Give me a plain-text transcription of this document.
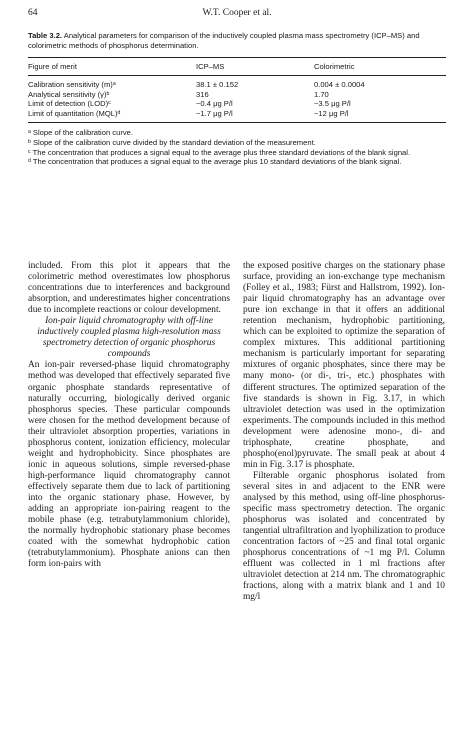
64	W.T. Cooper et al.

Table 3.2. Analytical parameters for comparison of the inductively coupled plasma mass spectrometry (ICP–MS) and colorimetric methods of phosphorus determination.

Figure of merit	ICP–MS	Colorimetric
Calibration sensitivity (m)ᵃ	38.1 ± 0.152	0.004 ± 0.0004
Analytical sensitivity (γ)ᵇ	316	1.70
Limit of detection (LOD)ᶜ	~0.4 μg P/l	~3.5 μg P/l
Limit of quantitation (MQL)ᵈ	~1.7 μg P/l	~12 μg P/l
ᵃ Slope of the calibration curve.
ᵇ Slope of the calibration curve divided by the standard deviation of the measurement.
ᶜ The concentration that produces a signal equal to the average plus three standard deviations of the blank signal.
ᵈ The concentration that produces a signal equal to the average plus 10 standard deviations of the blank signal.

included. From this plot it appears that the colorimetric method overestimates low phosphorus concentrations due to interferences and background absorption, and underestimates higher concentrations due to incomplete reactions or colour development.

Ion-pair liquid chromatography with off-line inductively coupled plasma high-resolution mass spectrometry detection of organic phosphorus compounds

An ion-pair reversed-phase liquid chromatography method was developed that effectively separated five organic phosphate standards representative of naturally occurring, biologically derived organic phosphorus species. These particular compounds were chosen for the method development because of their ultraviolet absorption properties, variations in phosphorus content, ionization efficiency, molecular weight and hydrophobicity. Since phosphates are ionic in aqueous solutions, simple reversed-phase high-performance liquid chromatography cannot effectively separate them due to lack of partitioning into the organic stationary phase. However, by adding an appropriate ion-pairing reagent to the mobile phase (e.g. tetrabutylammonium chloride), the normally hydrophobic stationary phase becomes coated with the somewhat hydrophobic cation (tetrabutylammonium). Phosphate anions can then form ion-pairs with

the exposed positive charges on the stationary phase surface, providing an ion-exchange type mechanism (Folley et al., 1983; Fürst and Hallstrom, 1992). Ion-pair liquid chromatography has an advantage over pure ion exchange in that it offers an additional retention mechanism, hydrophobic partitioning, which can be exploited to optimize the separation of complex mixtures. This additional partitioning mechanism is particularly important for separating mixtures of organic phosphates, since there may be many mono- (or di-, tri-, etc.) phosphates with different structures. The optimized separation of the five standards is shown in Fig. 3.17, in which ultraviolet detection was used in the optimization experiments. The compounds included in this method development were adenosine mono-, di- and triphosphate, creatine phosphate, and phospho(enol)pyruvate. The small peak at about 4 min in Fig. 3.17 is phosphate.

Filterable organic phosphorus isolated from several sites in and adjacent to the ENR were analysed by this method, using off-line phosphorus-specific mass spectrometry detection. The organic phosphorus was isolated and concentrated by tangential ultrafiltration and lyophilization to produce concentration factors of ~25 and final total organic phosphorus concentrations of ~1 mg P/l. Column effluent was collected in 1 ml fractions after ultraviolet detection at 214 nm. The chromatographic fractions, along with a matrix blank and 1 and 10 mg/l
